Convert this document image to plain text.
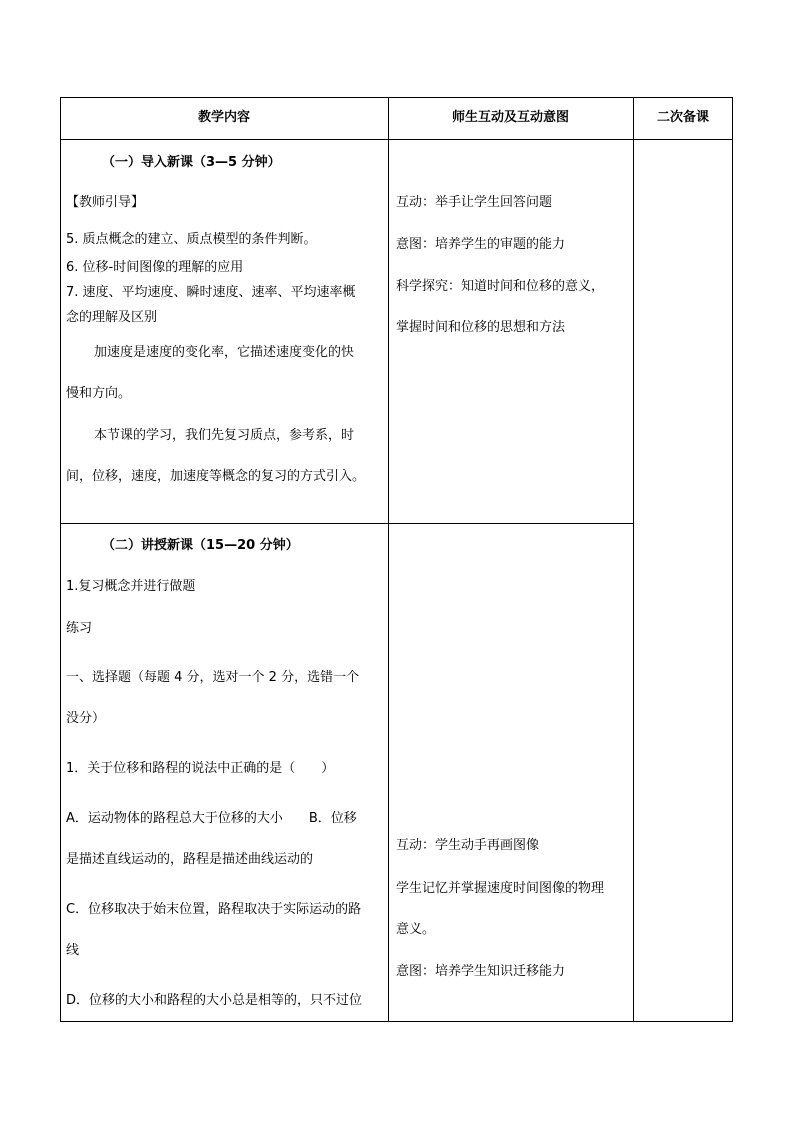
教学内容	师生互动及互动意图	二次备课
（一）导入新课（3—5 分钟）
【教师引导】
5. 质点概念的建立、质点模型的条件判断。
6. 位移-时间图像的理解的应用
7. 速度、平均速度、瞬时速度、速率、平均速率概
念的理解及区别
加速度是速度的变化率，它描述速度变化的快
慢和方向。
本节课的学习，我们先复习质点，参考系，时
间，位移，速度，加速度等概念的复习的方式引入。
互动：举手让学生回答问题
意图：培养学生的审题的能力
科学探究：知道时间和位移的意义，
掌握时间和位移的思想和方法
（二）讲授新课（15—20 分钟）
1.复习概念并进行做题
练习
一、选择题（每题 4 分，选对一个 2 分，选错一个
没分）
1．关于位移和路程的说法中正确的是（　　）
A．运动物体的路程总大于位移的大小　　B．位移
是描述直线运动的，路程是描述曲线运动的
C．位移取决于始末位置，路程取决于实际运动的路
线
D．位移的大小和路程的大小总是相等的，只不过位
互动：学生动手再画图像
学生记忆并掌握速度时间图像的物理
意义。
意图：培养学生知识迁移能力
